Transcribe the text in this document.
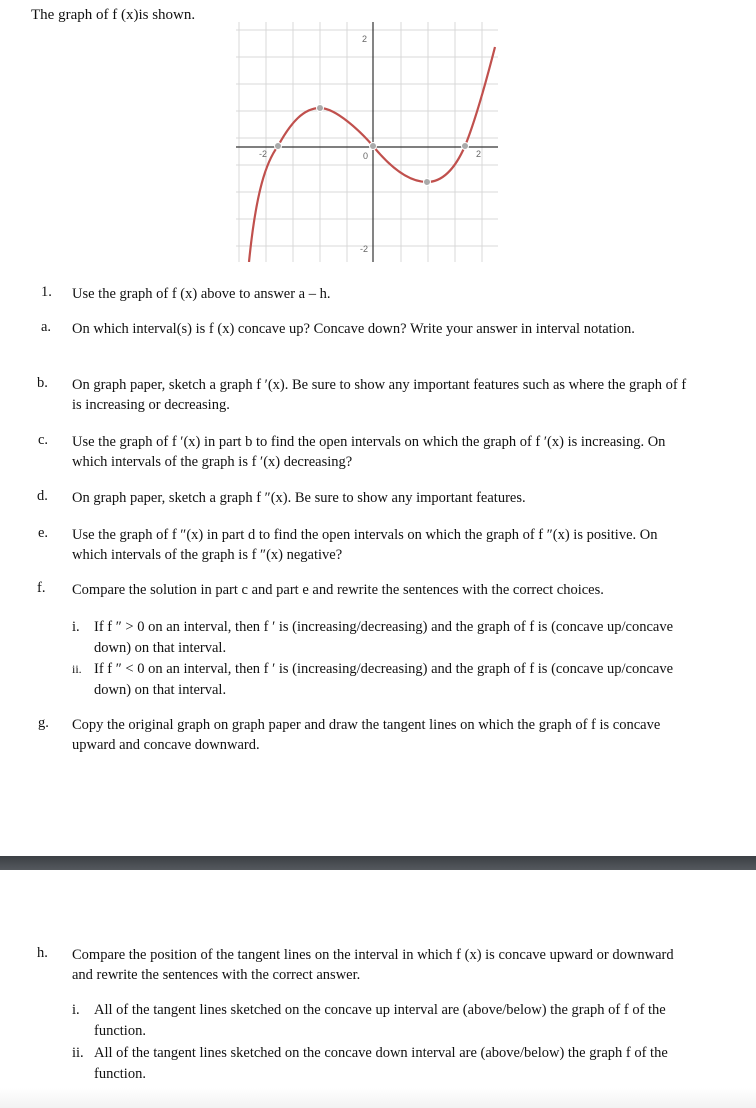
The graph of f (x)is shown.
2
-2	0	2
-2
1.	Use the graph of f (x) above to answer a – h.
a.	On which interval(s) is f (x) concave up? Concave down? Write your answer in interval notation.
b.	On graph paper, sketch a graph f ′(x). Be sure to show any important features such as where the graph of f is increasing or decreasing.
c.	Use the graph of f ′(x) in part b to find the open intervals on which the graph of f ′(x) is increasing. On which intervals of the graph is f ′(x) decreasing?
d.	On graph paper, sketch a graph f ″(x). Be sure to show any important features.
e.	Use the graph of f ″(x) in part d to find the open intervals on which the graph of f ″(x) is positive. On which intervals of the graph is f ″(x) negative?
f.	Compare the solution in part c and part e and rewrite the sentences with the correct choices.
i. If f ″ > 0 on an interval, then f ′ is (increasing/decreasing) and the graph of f is (concave up/concave down) on that interval.
ii. If f ″ < 0 on an interval, then f ′ is (increasing/decreasing) and the graph of f is (concave up/concave down) on that interval.
g.	Copy the original graph on graph paper and draw the tangent lines on which the graph of f is concave upward and concave downward.
h.	Compare the position of the tangent lines on the interval in which f (x) is concave upward or downward and rewrite the sentences with the correct answer.
i. All of the tangent lines sketched on the concave up interval are (above/below) the graph of f of the function.
ii. All of the tangent lines sketched on the concave down interval are (above/below) the graph f of the function.
